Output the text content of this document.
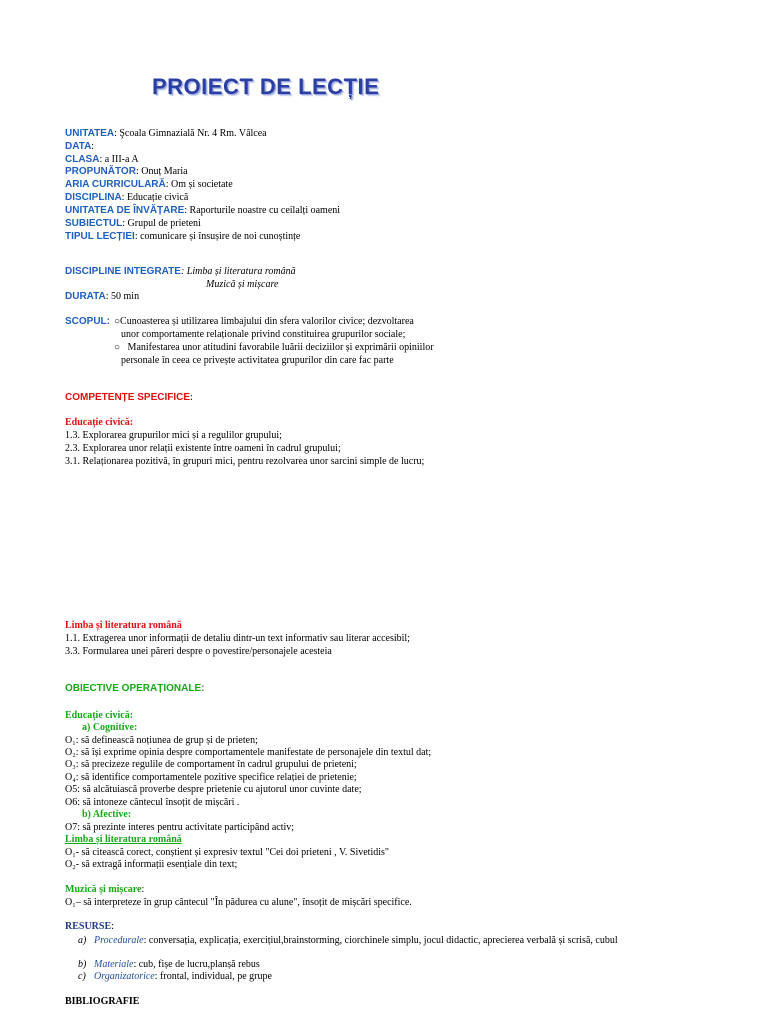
PROIECT DE LECȚIE
UNITATEA: Şcoala Gimnazială Nr. 4 Rm. Vâlcea
DATA:
CLASA: a III-a A
PROPUNĂTOR: Onuț Maria
ARIA CURRICULARĂ: Om și societate
DISCIPLINA: Educație civică
UNITATEA DE ÎNVĂȚARE: Raporturile noastre cu ceilalți oameni
SUBIECTUL: Grupul de prieteni
TIPUL LECȚIEI: comunicare și însușire de noi cunoștințe
DISCIPLINE INTEGRATE: Limba și literatura română
Muzică și mișcare
DURATA: 50 min
SCOPUL: ○Cunoasterea și utilizarea limbajului din sfera valorilor civice; dezvoltarea
unor comportamente relaționale privind constituirea grupurilor sociale;
○   Manifestarea unor atitudini favorabile luării deciziilor și exprimării opiniilor
personale în ceea ce privește activitatea grupurilor din care fac parte
COMPETENȚE SPECIFICE:
Educație civică:
1.3. Explorarea grupurilor mici și a regulilor grupului;
2.3. Explorarea unor relații existente între oameni în cadrul grupului;
3.1. Relaționarea pozitivă, în grupuri mici, pentru rezolvarea unor sarcini simple de lucru;
Limba și literatura română
1.1. Extragerea unor informații de detaliu dintr-un text informativ sau literar accesibil;
3.3. Formularea unei păreri despre o povestire/personajele acesteia
OBIECTIVE OPERAȚIONALE:
Educație civică:
a) Cognitive:
O₁: să definească noțiunea de grup și de prieten;
O₂: să își exprime opinia despre comportamentele manifestate de personajele din textul dat;
O₃: să precizeze regulile de comportament în cadrul grupului de prieteni;
O₄: să identifice comportamentele pozitive specifice relației de prietenie;
O5: să alcătuiască proverbe despre prietenie cu ajutorul unor cuvinte date;
O6: să intoneze cântecul însoțit de mișcări .
b) Afective:
O7: să prezinte interes pentru activitate participând activ;
Limba și literatura română
O₁- să citească corect, conștient și expresiv textul "Cei doi prieteni , V. Sivetidis"
O₂- să extragă informații esențiale din text;
Muzică și mișcare:
O₁– să interpreteze în grup cântecul "În pădurea cu alune", însoțit de mișcări specifice.
RESURSE:
a) Procedurale: conversația, explicația, exercițiul,brainstorming, ciorchinele simplu, jocul didactic, aprecierea verbală și scrisă, cubul
b) Materiale: cub, fișe de lucru,planșă rebus
c) Organizatorice: frontal, individual, pe grupe
BIBLIOGRAFIE
